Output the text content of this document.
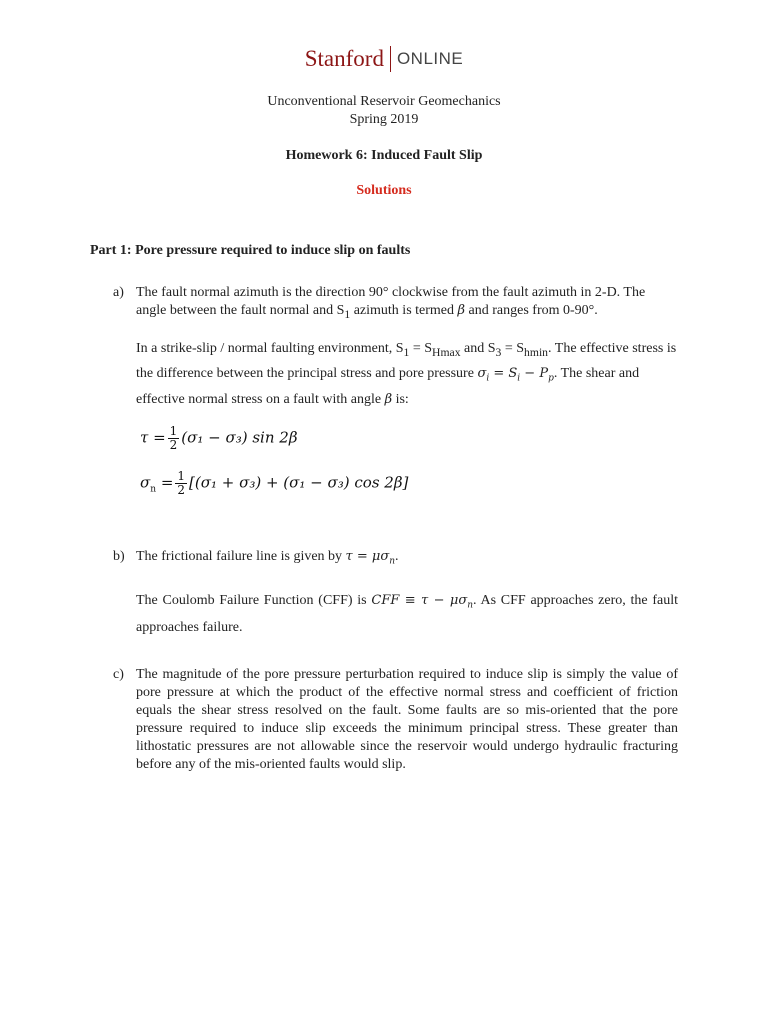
Stanford ONLINE
Unconventional Reservoir Geomechanics
Spring 2019
Homework 6: Induced Fault Slip
Solutions
Part 1: Pore pressure required to induce slip on faults
a) The fault normal azimuth is the direction 90° clockwise from the fault azimuth in 2-D. The angle between the fault normal and $S_1$ azimuth is termed β and ranges from 0-90°.
In a strike-slip / normal faulting environment, $S_1 = S_{Hmax}$ and $S_3 = S_{hmin}$. The effective stress is the difference between the principal stress and pore pressure $\sigma_i = S_i - P_p$. The shear and effective normal stress on a fault with angle β is:
$\tau = \frac{1}{2} (\sigma_1 - \sigma_3)$ sin 2β
$\sigma_n = \frac{1}{2} [(\sigma_1 + \sigma_3) + (\sigma_1 - \sigma_3)$ cos 2β]
b) The frictional failure line is given by $\tau = \mu\sigma_n$.
The Coulomb Failure Function (CFF) is CFF ≡ $\tau - \mu\sigma_n$. As CFF approaches zero, the fault approaches failure.
c) The magnitude of the pore pressure perturbation required to induce slip is simply the value of pore pressure at which the product of the effective normal stress and coefficient of friction equals the shear stress resolved on the fault. Some faults are so mis-oriented that the pore pressure required to induce slip exceeds the minimum principal stress. These greater than lithostatic pressures are not allowable since the reservoir would undergo hydraulic fracturing before any of the mis-oriented faults would slip.
